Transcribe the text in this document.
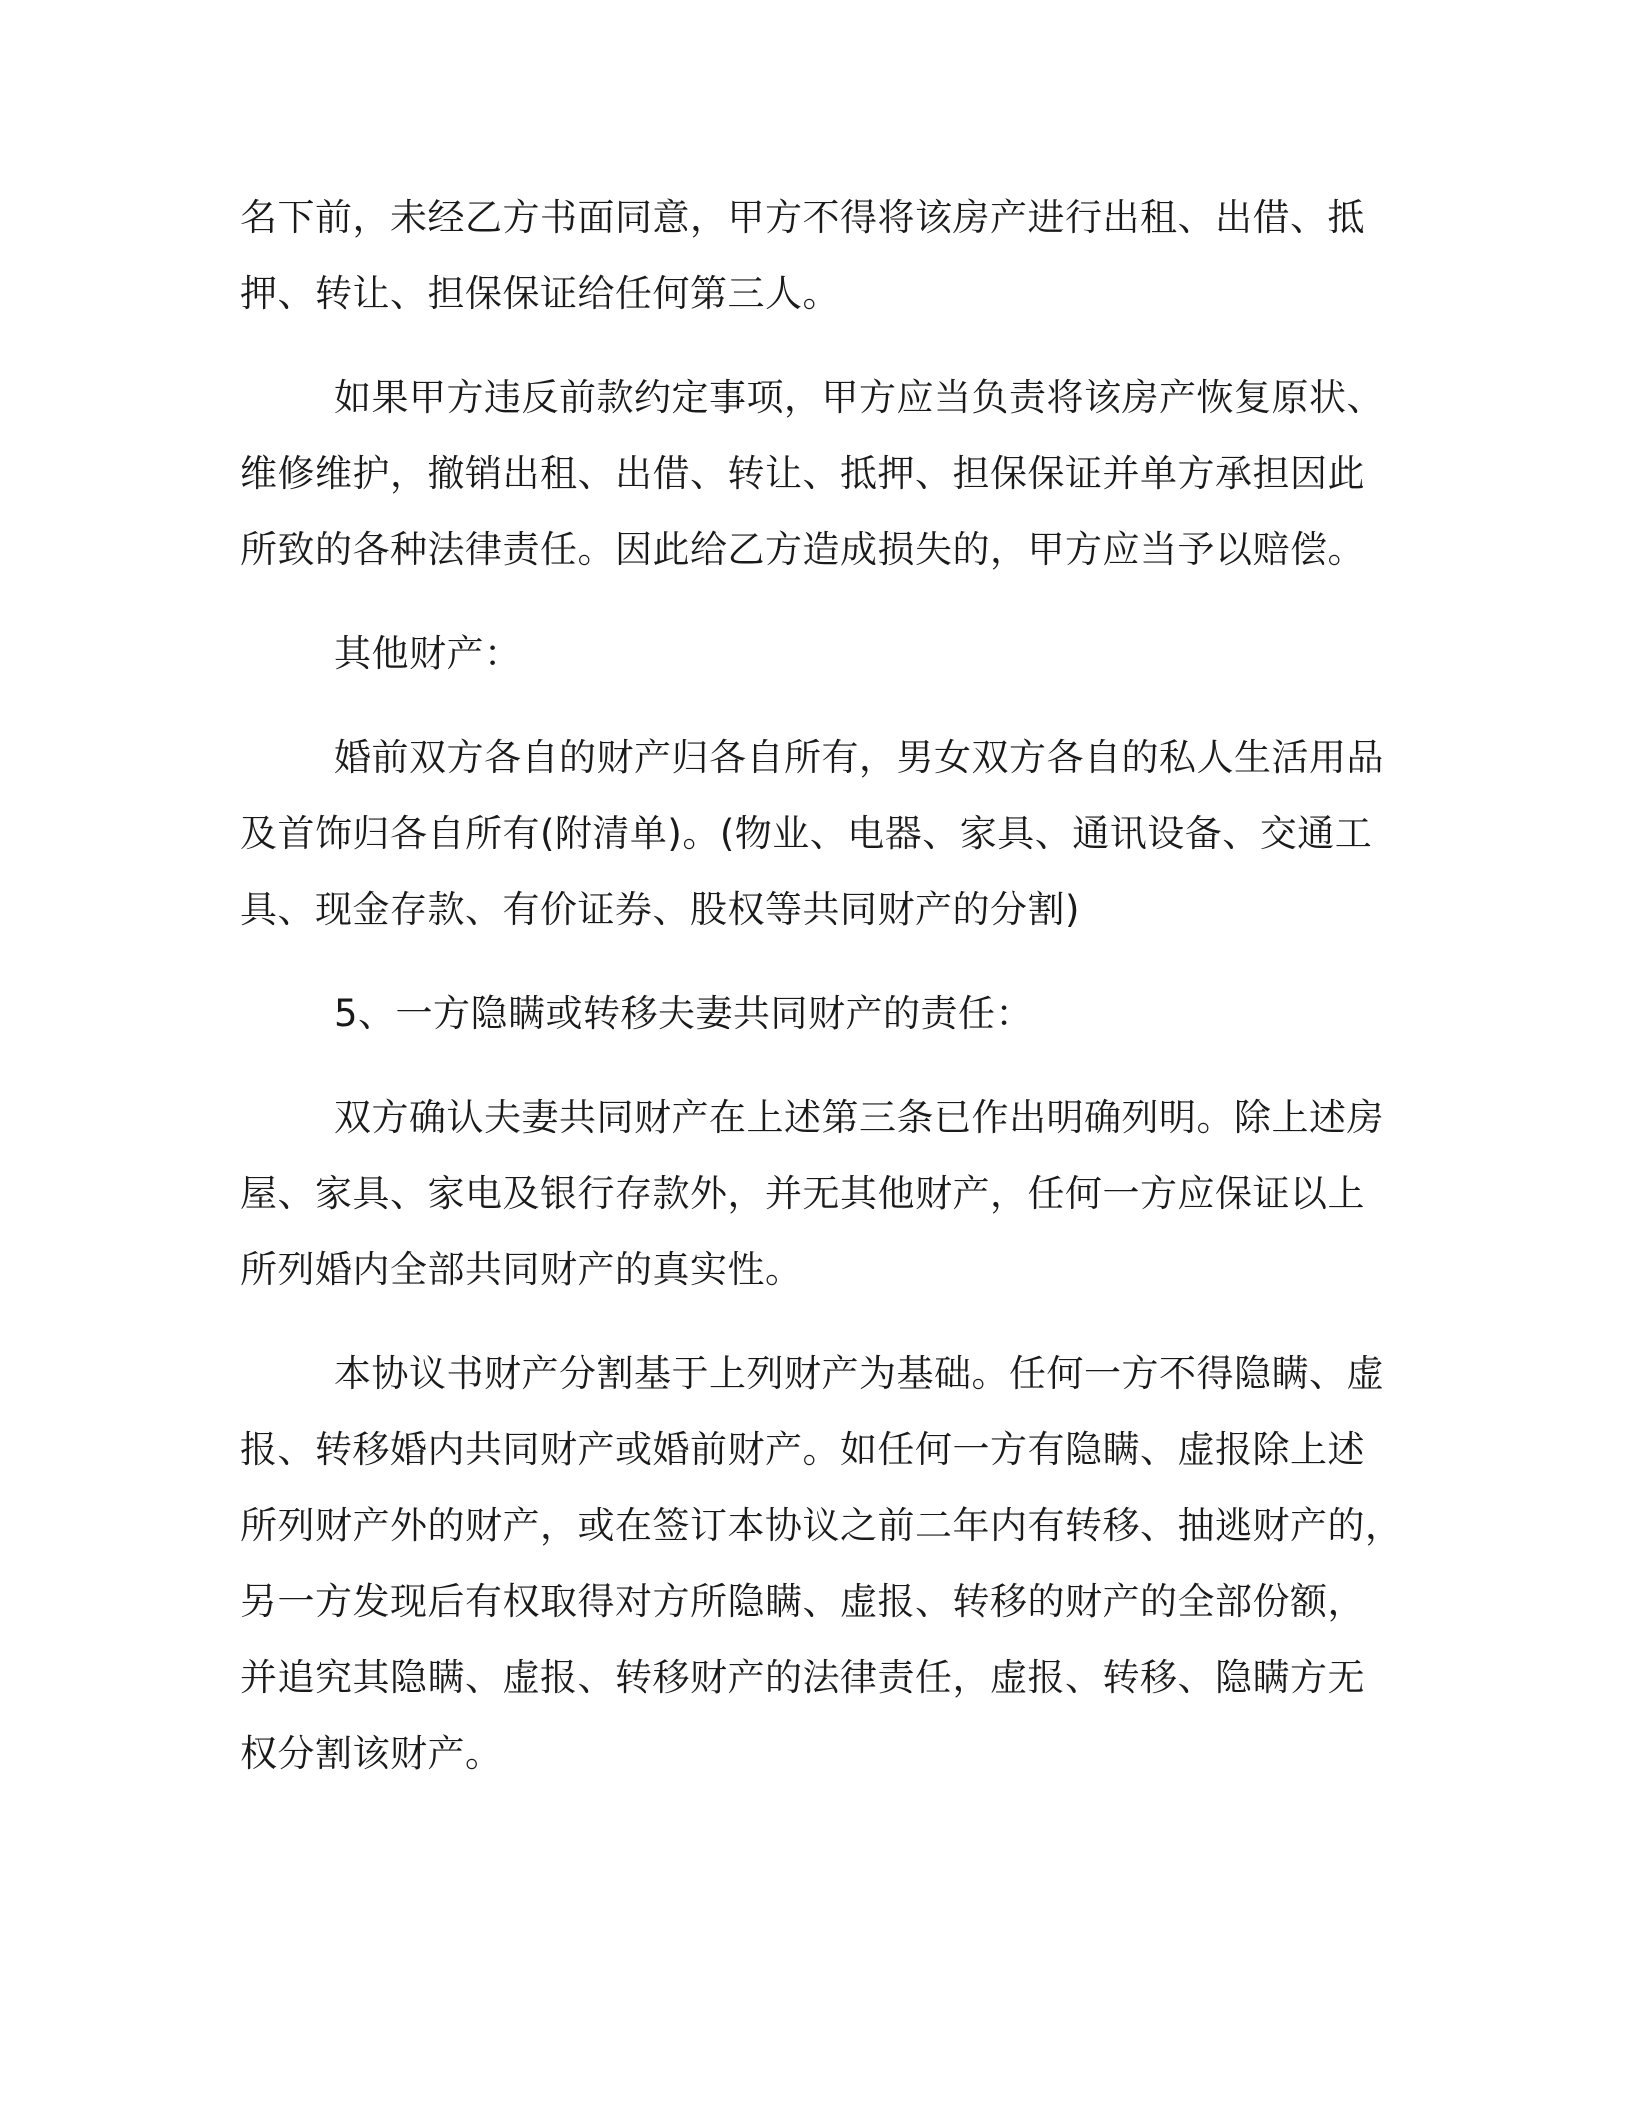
名下前，未经乙方书面同意，甲方不得将该房产进行出租、出借、抵
押、转让、担保保证给任何第三人。
如果甲方违反前款约定事项，甲方应当负责将该房产恢复原状、
维修维护，撤销出租、出借、转让、抵押、担保保证并单方承担因此
所致的各种法律责任。因此给乙方造成损失的，甲方应当予以赔偿。
其他财产：
婚前双方各自的财产归各自所有，男女双方各自的私人生活用品
及首饰归各自所有(附清单)。(物业、电器、家具、通讯设备、交通工
具、现金存款、有价证券、股权等共同财产的分割)
5、一方隐瞒或转移夫妻共同财产的责任：
双方确认夫妻共同财产在上述第三条已作出明确列明。除上述房
屋、家具、家电及银行存款外，并无其他财产，任何一方应保证以上
所列婚内全部共同财产的真实性。
本协议书财产分割基于上列财产为基础。任何一方不得隐瞒、虚
报、转移婚内共同财产或婚前财产。如任何一方有隐瞒、虚报除上述
所列财产外的财产，或在签订本协议之前二年内有转移、抽逃财产的，
另一方发现后有权取得对方所隐瞒、虚报、转移的财产的全部份额，
并追究其隐瞒、虚报、转移财产的法律责任，虚报、转移、隐瞒方无
权分割该财产。
